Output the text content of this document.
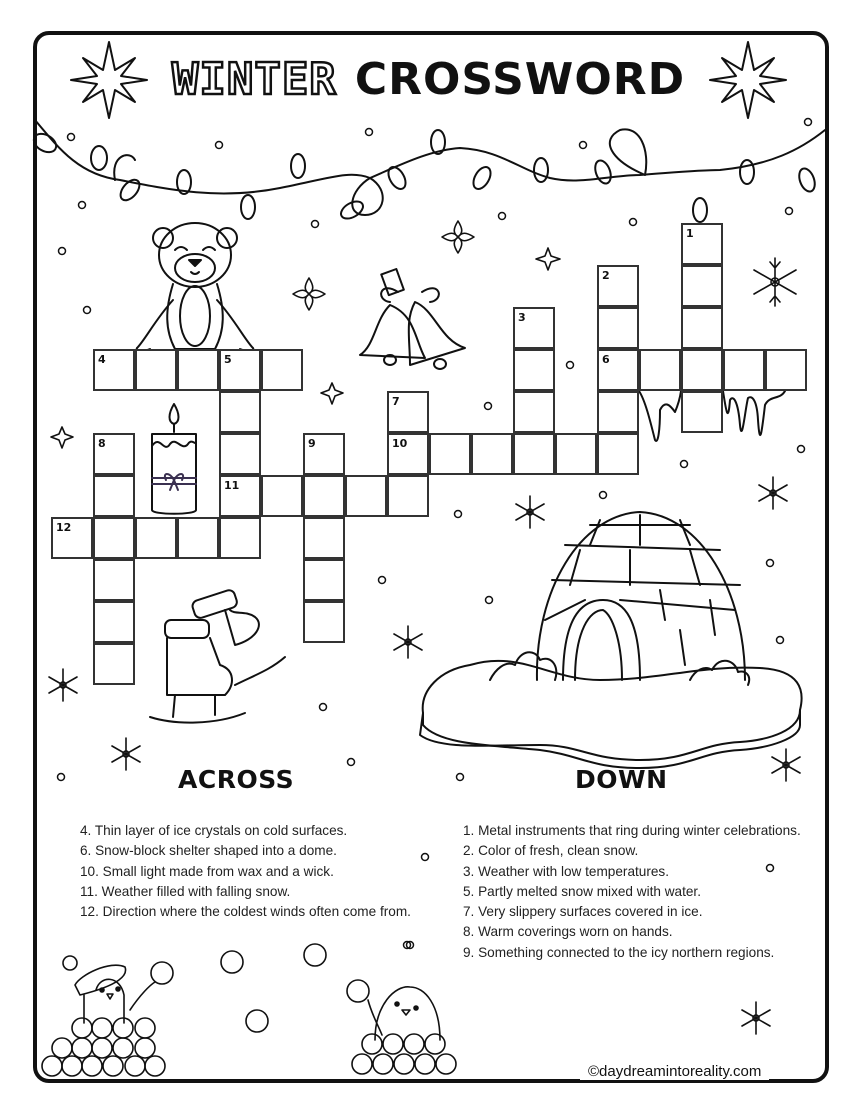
WINTER CROSSWORD
1
2
6
3
4	5
11
7
10
8	9
12
ACROSS
4. Thin layer of ice crystals on cold surfaces.
6. Snow-block shelter shaped into a dome.
10. Small light made from wax and a wick.
11. Weather filled with falling snow.
12. Direction where the coldest winds often come from.
DOWN
1. Metal instruments that ring during winter celebrations.
2. Color of fresh, clean snow.
3. Weather with low temperatures.
5. Partly melted snow mixed with water.
7. Very slippery surfaces covered in ice.
8. Warm coverings worn on hands.
9. Something connected to the icy northern regions.
©daydreamintoreality.com
